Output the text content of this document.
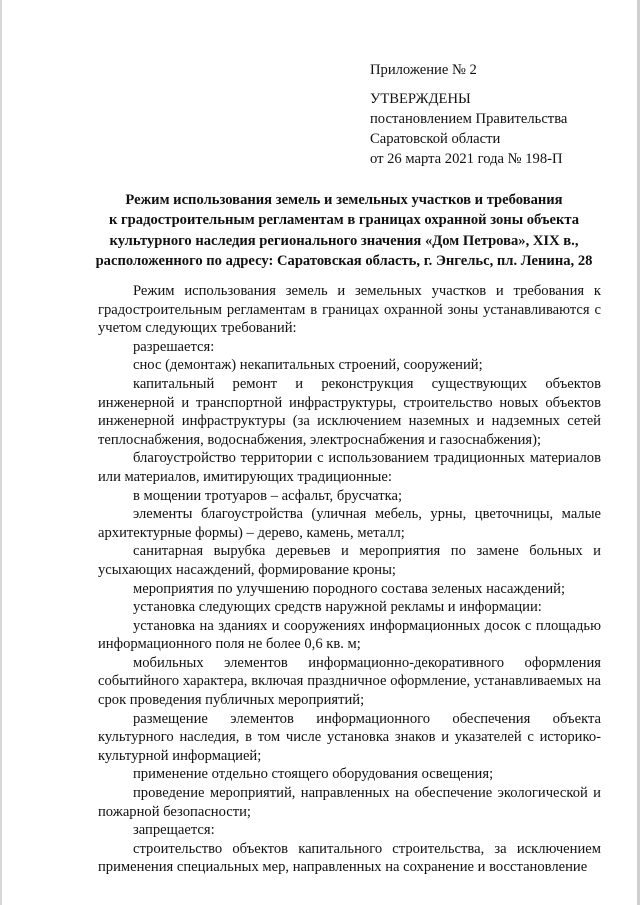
Приложение № 2
УТВЕРЖДЕНЫ
постановлением Правительства
Саратовской области
от 26 марта 2021 года № 198-П
Режим использования земель и земельных участков и требования
к градостроительным регламентам в границах охранной зоны объекта
культурного наследия регионального значения «Дом Петрова», XIX в.,
расположенного по адресу: Саратовская область, г. Энгельс, пл. Ленина, 28

Режим использования земель и земельных участков и требования к градостроительным регламентам в границах охранной зоны устанавливаются с учетом следующих требований:

разрешается:

снос (демонтаж) некапитальных строений, сооружений;

капитальный ремонт и реконструкция существующих объектов инженерной и транспортной инфраструктуры, строительство новых объектов инженерной инфраструктуры (за исключением наземных и надземных сетей теплоснабжения, водоснабжения, электроснабжения и газоснабжения);

благоустройство территории с использованием традиционных материалов или материалов, имитирующих традиционные:

в мощении тротуаров – асфальт, брусчатка;

элементы благоустройства (уличная мебель, урны, цветочницы, малые архитектурные формы) – дерево, камень, металл;

санитарная вырубка деревьев и мероприятия по замене больных и усыхающих насаждений, формирование кроны;

мероприятия по улучшению породного состава зеленых насаждений;

установка следующих средств наружной рекламы и информации:

установка на зданиях и сооружениях информационных досок с площадью информационного поля не более 0,6 кв. м;

мобильных элементов информационно-декоративного оформления событийного характера, включая праздничное оформление, устанавливаемых на срок проведения публичных мероприятий;

размещение элементов информационного обеспечения объекта культурного наследия, в том числе установка знаков и указателей с историко-культурной информацией;

применение отдельно стоящего оборудования освещения;

проведение мероприятий, направленных на обеспечение экологической и пожарной безопасности;

запрещается:

строительство объектов капитального строительства, за исключением применения специальных мер, направленных на сохранение и восстановление
